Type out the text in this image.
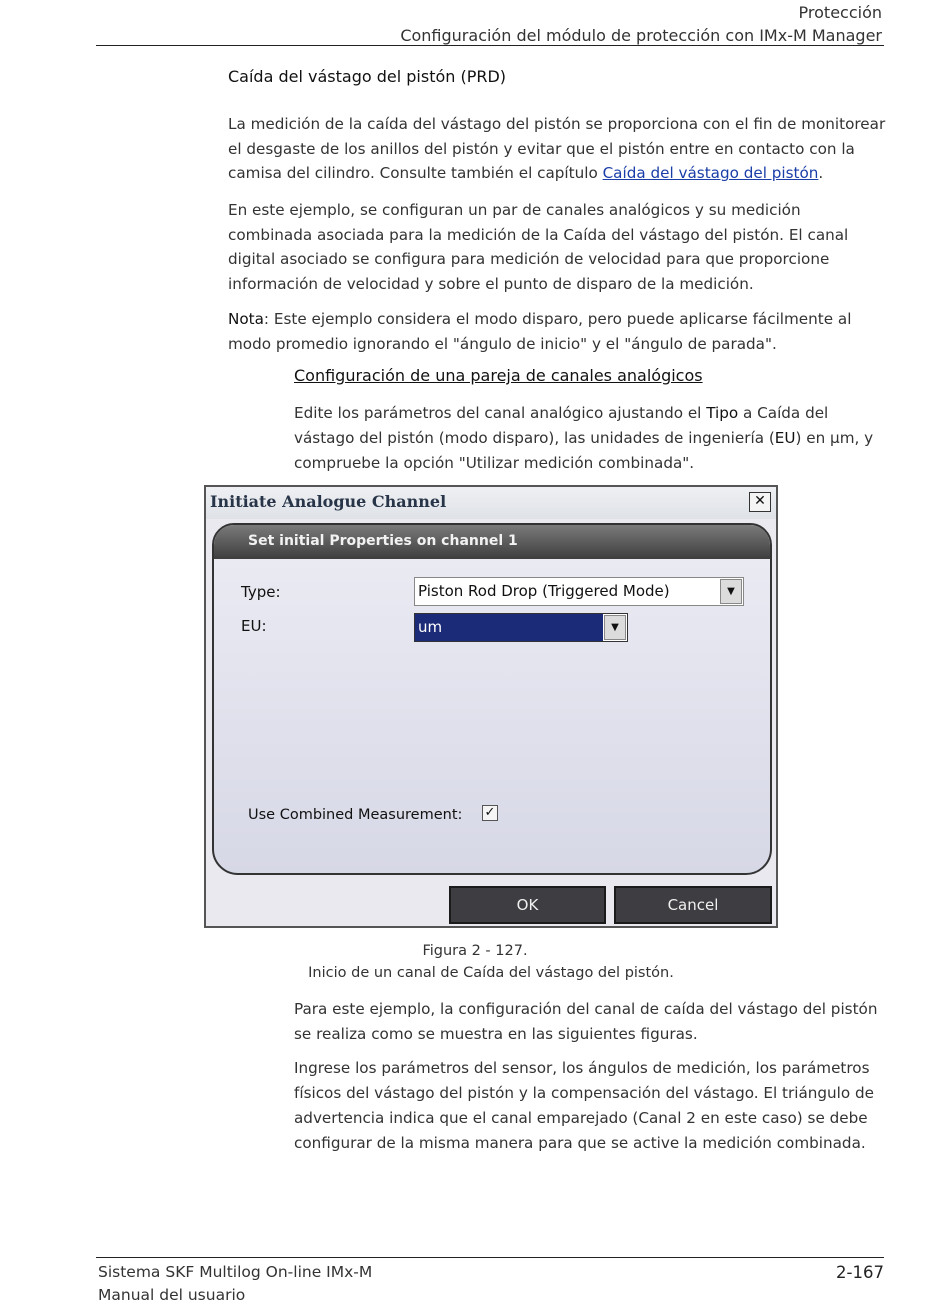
Protección
Configuración del módulo de protección con IMx-M Manager
Caída del vástago del pistón (PRD)
La medición de la caída del vástago del pistón se proporciona con el fin de monitorear el desgaste de los anillos del pistón y evitar que el pistón entre en contacto con la camisa del cilindro. Consulte también el capítulo Caída del vástago del pistón.
En este ejemplo, se configuran un par de canales analógicos y su medición combinada asociada para la medición de la Caída del vástago del pistón. El canal digital asociado se configura para medición de velocidad para que proporcione información de velocidad y sobre el punto de disparo de la medición.
Nota: Este ejemplo considera el modo disparo, pero puede aplicarse fácilmente al modo promedio ignorando el "ángulo de inicio" y el "ángulo de parada".
Configuración de una pareja de canales analógicos
Edite los parámetros del canal analógico ajustando el Tipo a Caída del vástago del pistón (modo disparo), las unidades de ingeniería (EU) en µm, y compruebe la opción "Utilizar medición combinada".
Initiate Analogue Channel	✕
Set initial Properties on channel 1
Type:	Piston Rod Drop (Triggered Mode)	▼
EU:	um	▼
Use Combined Measurement: ✓
OK	Cancel
Figura 2 - 127.
Inicio de un canal de Caída del vástago del pistón.
Para este ejemplo, la configuración del canal de caída del vástago del pistón se realiza como se muestra en las siguientes figuras.
Ingrese los parámetros del sensor, los ángulos de medición, los parámetros físicos del vástago del pistón y la compensación del vástago. El triángulo de advertencia indica que el canal emparejado (Canal 2 en este caso) se debe configurar de la misma manera para que se active la medición combinada.
Sistema SKF Multilog On-line IMx-M
Manual del usuario
2-167
